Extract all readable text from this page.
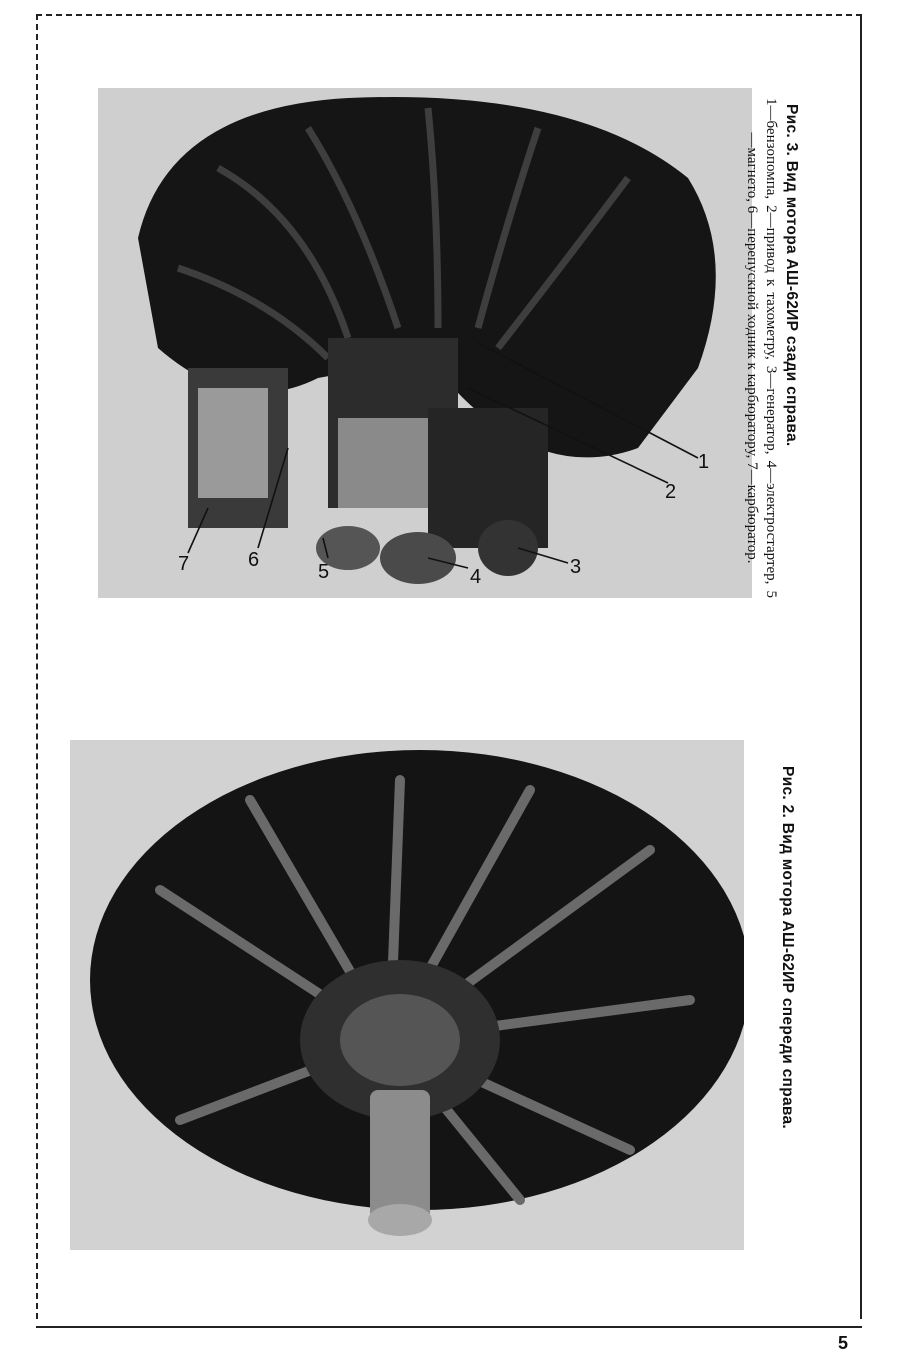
1
2
3
4
5
6
7
Рис. 3. Вид мотора АШ-62ИР сзади справа.
1—бензопомпа, 2—привод к тахометру, 3—генератор, 4—электростартер, 5—магнето, 6—перепускной ходник к карбюратору, 7—карбюратор.
Рис. 2. Вид мотора АШ-62ИР спереди справа.
5
